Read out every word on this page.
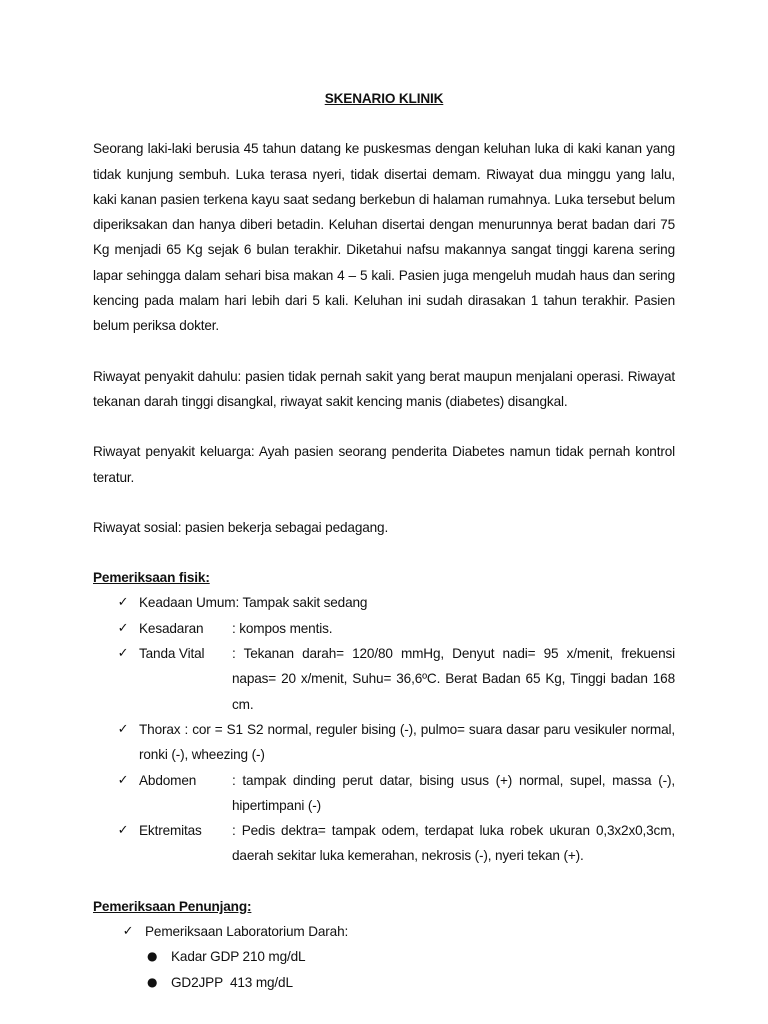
SKENARIO KLINIK
Seorang laki-laki berusia 45 tahun datang ke puskesmas dengan keluhan luka di kaki kanan yang tidak kunjung sembuh. Luka terasa nyeri, tidak disertai demam. Riwayat dua minggu yang lalu, kaki kanan pasien terkena kayu saat sedang berkebun di halaman rumahnya. Luka tersebut belum diperiksakan dan hanya diberi betadin. Keluhan disertai dengan menurunnya berat badan dari 75 Kg menjadi 65 Kg sejak 6 bulan terakhir. Diketahui nafsu makannya sangat tinggi karena sering lapar sehingga dalam sehari bisa makan 4 – 5 kali. Pasien juga mengeluh mudah haus dan sering kencing pada malam hari lebih dari 5 kali. Keluhan ini sudah dirasakan 1 tahun terakhir. Pasien belum periksa dokter.
Riwayat penyakit dahulu: pasien tidak pernah sakit yang berat maupun menjalani operasi. Riwayat tekanan darah tinggi disangkal, riwayat sakit kencing manis (diabetes) disangkal.
Riwayat penyakit keluarga: Ayah pasien seorang penderita Diabetes namun tidak pernah kontrol teratur.
Riwayat sosial: pasien bekerja sebagai pedagang.
Pemeriksaan fisik:
✓ Keadaan Umum : Tampak sakit sedang
✓ Kesadaran	: kompos mentis.
✓ Tanda Vital	: Tekanan darah= 120/80 mmHg, Denyut nadi= 95 x/menit, frekuensi napas= 20 x/menit, Suhu= 36,6ºC. Berat Badan 65 Kg, Tinggi badan 168 cm.
✓ Thorax : cor = S1 S2 normal, reguler bising (-), pulmo= suara dasar paru vesikuler normal, ronki (-), wheezing (-)
✓ Abdomen	: tampak dinding perut datar, bising usus (+) normal, supel, massa (-), hipertimpani (-)
✓ Ektremitas	: Pedis dektra= tampak odem, terdapat luka robek ukuran 0,3x2x0,3cm, daerah sekitar luka kemerahan, nekrosis (-), nyeri tekan (+).
Pemeriksaan Penunjang:
✓ Pemeriksaan Laboratorium Darah:
● Kadar GDP 210 mg/dL
● GD2JPP  413 mg/dL
